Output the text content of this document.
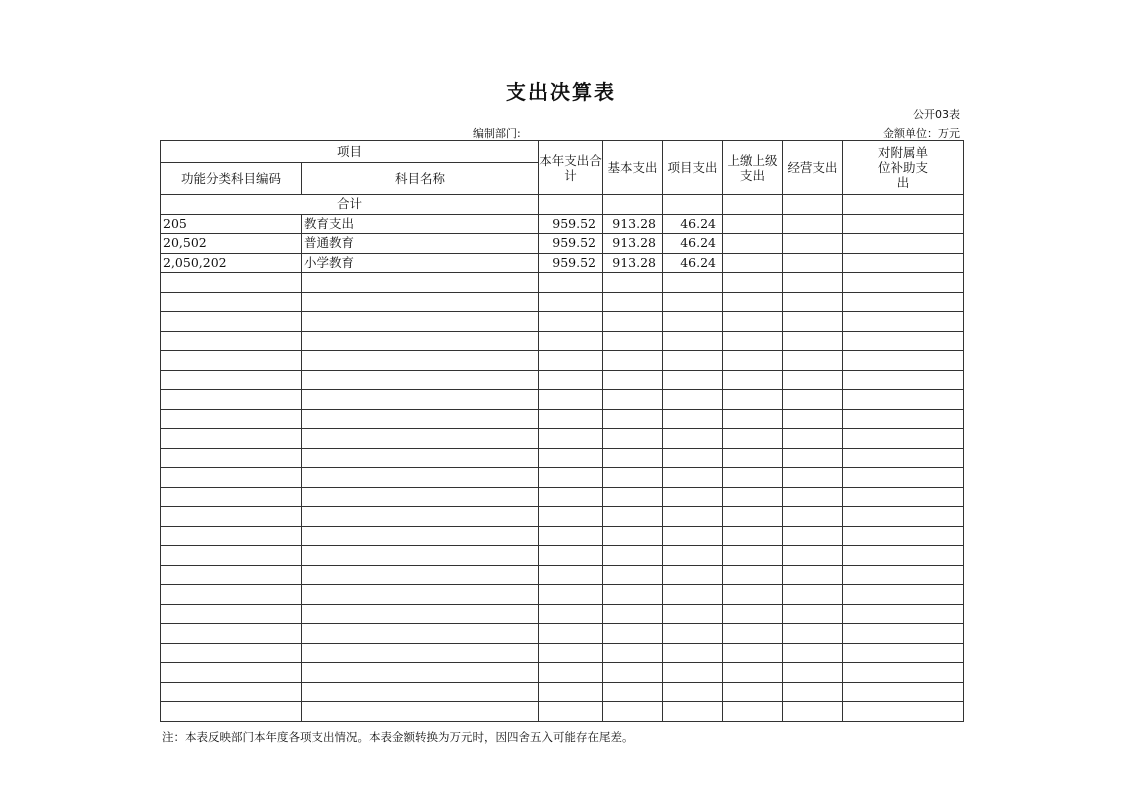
支出决算表
公开03表
编制部门:	金额单位：万元
项目		本年支出合计	基本支出	项目支出	上缴上级支出	经营支出	对附属单位补助支出
功能分类科目编码	科目名称						
合计							
205	教育支出	959.52	913.28	46.24			
20,502	普通教育	959.52	913.28	46.24			
2,050,202	小学教育	959.52	913.28	46.24			

注：本表反映部门本年度各项支出情况。本表金额转换为万元时，因四舍五入可能存在尾差。
